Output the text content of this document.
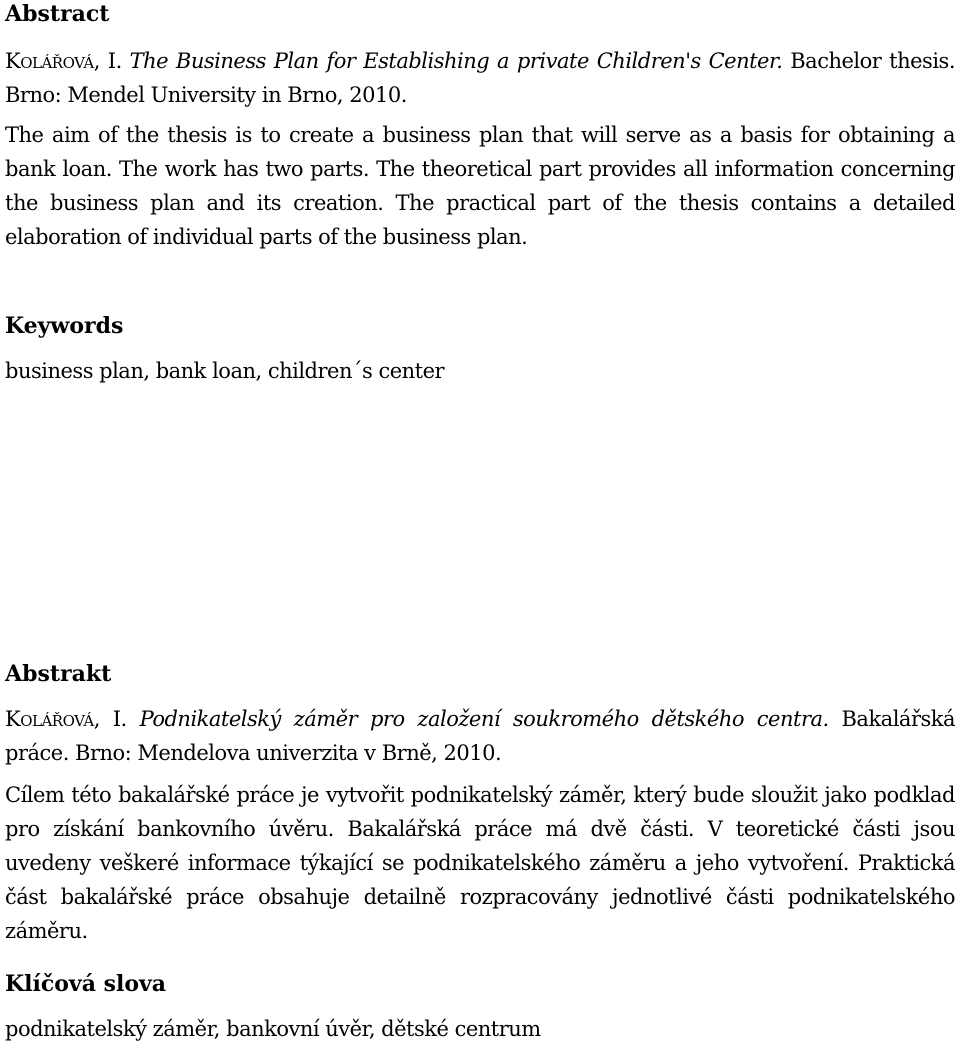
Abstract

Kolářová, I. The Business Plan for Establishing a private Children's Center. Bachelor thesis. Brno: Mendel University in Brno, 2010.

The aim of the thesis is to create a business plan that will serve as a basis for obtaining a bank loan. The work has two parts. The theoretical part provides all information concerning the business plan and its creation. The practical part of the thesis contains a detailed elaboration of individual parts of the business plan.

Keywords

business plan, bank loan, children´s center

Abstrakt

Kolářová, I. Podnikatelský záměr pro založení soukromého dětského centra. Bakalářská práce. Brno: Mendelova univerzita v Brně, 2010.

Cílem této bakalářské práce je vytvořit podnikatelský záměr, který bude sloužit jako podklad pro získání bankovního úvěru. Bakalářská práce má dvě části. V teoretické části jsou uvedeny veškeré informace týkající se podnikatelského záměru a jeho vytvoření. Praktická část bakalářské práce obsahuje detailně rozpracovány jednotlivé části podnikatelského záměru.

Klíčová slova

podnikatelský záměr, bankovní úvěr, dětské centrum
